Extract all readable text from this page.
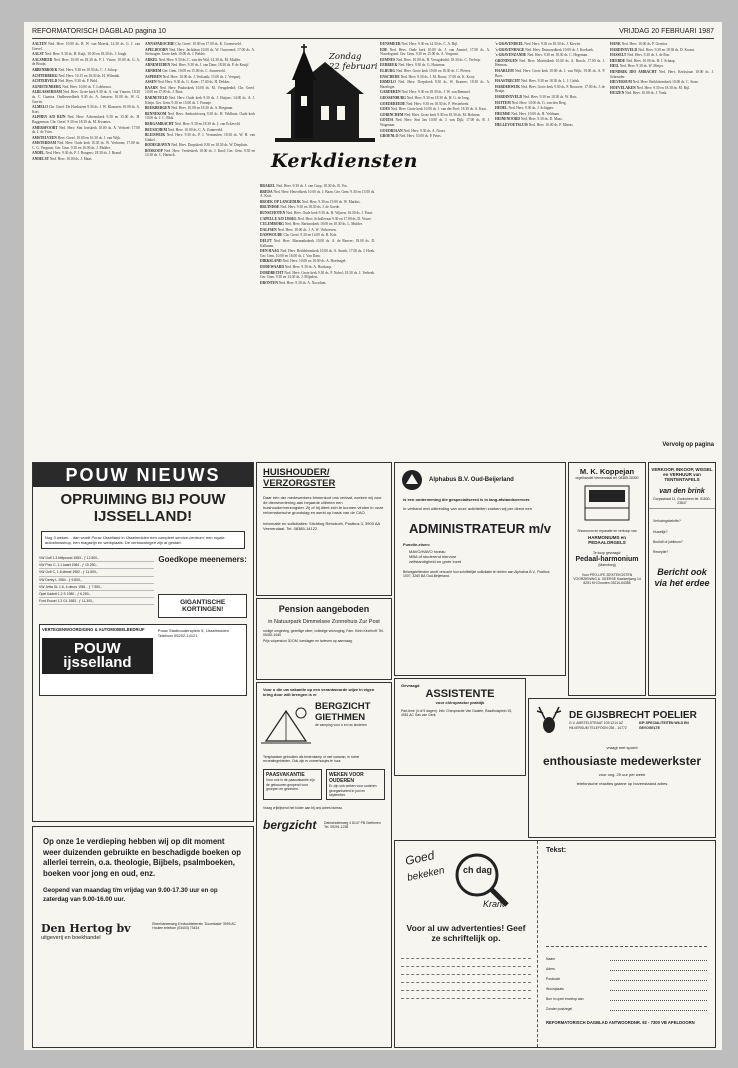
REFORMATORISCH DAGBLAD pagina 10	VRIJDAG 20 FEBRUARI 1987

AALTEN Ned. Herv. 10.00 ds. B. W. van Moerik, 14.30 ds. G. J. van Grevel.

AALST Ned. Herv. 9.30 ds. H. Kuijt; 10.00 en 18.30 ds. J. Jongh.

AALSMEER Ned. Herv. 10.00 en 18.30 ds. P. J. Visser; 10.00 ds. G. A. de Bruijn.

ABBENBROEK Ned. Herv. 9.30 en 18.30 ds. C. J. Schop.

ACHTERBERG Ned. Herv. 10.15 en 18.30 ds. H. Wilmink.

ACHTERVELD Ned. Herv. 9.30 ds. P. Beld.

AGNIETENBERG Ned. Herv. 10.00 ds. T. Lobbezoo.

ALBLASSERDAM Ned. Herv. Grote kerk 9.30 ds. A. van Vuuren; 18.30 ds. C. Gaastra. Oudheuvelkerk 9.30 ds. A. Janssen; 10.00 ds. W. G. Gerrits.

ALMELO Chr. Geref. De Hoeksteen 9.30 ds. J. W. Klaassen; 10.00 ds. A. Kort.

ALPHEN A/D RIJN Ned. Herv. Adventskerk 9.30 en 15.00 ds. H. Baggerman. Chr. Geref. 9.30 en 18.30 ds. M. Kwantes.

AMERSFOORT Ned. Herv. Sint Joriskerk 10.00 ds. A. Verhoef; 17.00 ds. J. de Vries.

AMSTELVEEN Herv. Geref. 10.00 en 16.30 ds. J. van Wijk.

AMSTERDAM Ned. Herv. Oude kerk 10.30 ds. W. Verboom; 17.00 ds. C. G. Vergunst. Ger. Gem. 9.30 en 16.00 ds. J. Mulder.

ANDEL Ned. Herv. 9.30 ds. P. J. Bongers; 18.30 ds. J. Brand.

ANDELST Ned. Herv. 10.00 ds. J. Maas.

ANNAPAROCHIE Chr. Geref. 10.00 en 17.00 ds. K. Groeneveld.

APELDOORN Ned. Herv. Jachtlaan 10.00 ds. W. Ouweneel; 17.00 ds. A. Stelwagen. Grote kerk 10.00 ds. J. Belder.

ARKEL Ned. Herv. 9.30 ds. C. van der Wal; 14.30 ds. M. Mulder.

ARNEMUIDEN Ned. Herv. 9.30 ds. J. van Dam; 18.30 ds. P. de Kruijf.

ARNHEM Ger. Gem. 10.00 en 15.00 ds. C. Sonneveld.

ASPEREN Ned. Herv. 10.00 ds. J. Verkaaik; 15.00 ds. J. Verspuij.

ASSEN Ned. Herv. 9.30 ds. G. Kater; 17.00 ds. H. Dekker.

BAARN Ned. Herv. Pauluskerk 10.00 ds. M. Vreugdenhil; Chr. Geref. 10.00 en 17.00 ds. J. Boot.

BARNEVELD Ned. Herv. Oude kerk 9.30 ds. J. Huijser; 14.00 ds. A. J. Kleijn. Ger. Gem. 9.30 en 15.00 ds. J. Fraanje.

BEEKBERGEN Ned. Herv. 10.00 en 18.30 ds. A. Bregman.

BENNEKOM Ned. Herv. Ambachtsweg 9.30 ds. H. Veldhuis; Oude kerk 10.00 ds. J. C. Blok.

BERGAMBACHT Ned. Herv. 9.30 en 18.30 ds. J. van Eckeveld.

BEUSICHEM Ned. Herv. 10.00 ds. C. A. Zonneveld.

BLEISWIJK Ned. Herv. 9.30 ds. P. J. Vermeulen; 18.30 ds. W. H. van Ginkel.

BODEGRAVEN Ned. Herv. Dorpskerk 9.30 en 18.30 ds. W. Diephuis.

BOSKOOP Ned. Herv. Vredeskerk 10.00 ds. J. Knol; Ger. Gem. 9.30 en 14.30 ds. C. Harinck.

Zondag
22 februari
Kerkdiensten

BRAKEL Ned. Herv. 9.30 ds. J. van Gorp; 18.30 ds. B. Vos.

BREDA Ned. Herv. Heuvelkerk 10.00 ds. J. Baan. Ger. Gem. 9.30 en 15.00 ds. A. Kort.

BROEK OP LANGEDIJK Ned. Herv. 9.30 en 19.00 ds. W. Markus.

BRUINISSE Ned. Herv. 9.30 en 18.30 ds. J. de Goede.

BUNSCHOTEN Ned. Herv. Oude kerk 9.30 ds. H. Wijnen; 16.30 ds. J. Poort.

CAPELLE A/D IJSSEL Ned. Herv. Schollevaar 9.30 en 17.00 ds. D. Visser.

CULEMBORG Ned. Herv. Barbarakerk 10.00 en 18.30 ds. L. Mulder.

DALFSEN Ned. Herv. 10.00 ds. J. A. W. Verhoeven.

DAMWOUDE Chr. Geref. 9.30 en 14.00 ds. B. Kok.

DELFT Ned. Herv. Maranathakerk 10.00 ds. A. de Reuver; 18.00 ds. D. Kalkman.

DEN HAAG Ned. Herv. Bethlehemkerk 10.00 ds. A. Snoek; 17.00 ds. J. Hoek. Ger. Gem. 10.00 en 16.00 ds. J. Van Dam.

DIRKSLAND Ned. Herv. 10.00 en 18.00 ds. A. Hoefnagel.

DODEWAARD Ned. Herv. 9.30 ds. A. Honkoop.

DORDRECHT Ned. Herv. Grote kerk 9.30 ds. P. Nobel; 18.30 ds. J. Verbeek. Ger. Gem. 9.30 en 14.30 ds. J. Mijnders.

DRONTEN Ned. Herv. 9.30 ds. A. Noordam.

DUNSMEER Ned. Herv. 9.30 en 14.30 ds. C. A. Bijl.

EDE Ned. Herv. Oude kerk 10.00 ds. J. van Amstel; 17.00 ds. A. Noordegraaf. Ger. Gem. 9.30 en 15.00 ds. A. Vergunst.

EEMNES Ned. Herv. 10.00 ds. H. Vreugdenhil; 18.30 ds. C. Verloop.

EERBEEK Ned. Herv. 9.30 ds. G. Huisman.

ELBURG Ned. Herv. Grote kerk 10.00 en 18.30 ds. C. Pieters.

ENSCHEDE Ned. Herv. 9.30 ds. J. M. Bouw; 17.00 ds. K. Kooy.

ERMELO Ned. Herv. Dorpskerk 9.30 ds. W. Kramer; 18.30 ds. A. Hazeleger.

GARDEREN Ned. Herv. 9.30 en 18.30 ds. J. W. van Bemmel.

GIESSENBURG Ned. Herv. 9.30 en 18.30 ds. H. G. de Jong.

GOEDEREEDE Ned. Herv. 9.30 en 18.30 ds. P. Westerbeek.

GOES Ned. Herv. Grote kerk 10.00 ds. J. van der Poel; 18.30 ds. A. Kaat.

GORINCHEM Ned. Herv. Grote kerk 9.30 en 18.30 ds. M. Hofman.

GOUDA Ned. Herv. Sint Jan 10.00 ds. J. van Dijk; 17.00 ds. B. J. Wagenaar.

GOUDRIAAN Ned. Herv. 9.30 ds. A. Noort.

GROENLO Ned. Herv. 10.00 ds. P. Prins.

's-GRAVENDEEL Ned. Herv. 9.30 en 18.30 ds. J. Kieviet.

's-GRAVENHAGE Ned. Herv. Duinoordkerk 10.00 ds. J. Koekoek.

's-GRAVENZANDE Ned. Herv. 9.30 en 18.30 ds. C. Hegeman.

GRONINGEN Ned. Herv. Martinikerk 10.00 ds. A. Bosch; 17.00 ds. J. Herman.

HAARLEM Ned. Herv. Grote kerk 10.00 ds. J. van Wijk; 19.00 ds. A. P. Boer.

HAASTRECHT Ned. Herv. 9.30 en 18.30 ds. L. J. Geluk.

HARDERWIJK Ned. Herv. Grote kerk 9.30 ds. P. Brouwer; 17.00 ds. J. de Bruijn.

HARDINXVELD Ned. Herv. 9.30 en 18.30 ds. W. Ruis.

HATTEM Ned. Herv. 10.00 ds. G. van den Berg.

HEDEL Ned. Herv. 9.30 ds. J. Schipper.

HEEMSE Ned. Herv. 10.00 ds. H. Veldman.

HEINENOORD Ned. Herv. 9.30 ds. D. Maas.

HELLEVOETSLUIS Ned. Herv. 10.00 ds. P. Mieras.

HANK Ned. Herv. 10.00 ds. P. Gerritse.

HARDINXVELD Ned. Herv. 9.30 en 18.30 ds. D. Kwant.

HASSELT Ned. Herv. 9.30 ds. J. de Roo.

HEERDE Ned. Herv. 10.00 ds. H. J. Schaap.

HEIL Ned. Herv. 9.30 ds. W. Meijer.

HENDRIK IDO AMBACHT Ned. Herv. Kerkstraat 10.00 ds. J. Schreuder.

HILVERSUM Ned. Herv. Bethlehemkerk 10.00 ds. C. Stam.

HOEVELAKEN Ned. Herv. 9.30 en 18.30 ds. M. Bijl.

HUIZEN Ned. Herv. 10.00 ds. J. Vonk.

Vervolg op pagina
POUW NIEUWS
OPRUIMING BIJ POUW IJSSELLAND!
Nog 3 weken... dan wordt Pouw IJsselland in IJsselmuiden een compleet service-centrum: een royale autoshowshop, een magazijn en werkplaats. De verbouwingen zijn al gestart.
VW Golf 1.3 kittywood 1983 - ƒ 12.500,-
VW Polo C, 1.1 kaart 1984 - ƒ 10.250,-
VW Golf C, 1.6 diesel 1982 - ƒ 11.500,-
VW Derby L 1984 - ƒ 9.800,-
VW Jetta GL 1.6, 4-deurs 1981 - ƒ 7.950,-
Opel Kadett 1.2 S 1980 - ƒ 6.250,-
Ford Escort 1.3 GL 1983 - ƒ 11.300,-
Goedkope meenemers:
GIGANTISCHE KORTINGEN!
VERTEGENWOORDIGING & AUTOMOBIELBEDRIJF
POUW ijsselland
Pouw Stadhoudersplein 5, IJsselmuiden Telefoon 05202-14121
Op onze 1e verdieping hebben wij op dit moment weer duizenden gebruikte en beschadigde boeken op allerlei terrein, o.a. theologie, Bijbels, psalmboeken, boeken voor jong en oud, enz.
Geopend van maandag t/m vrijdag van 9.00-17.30 uur en op zaterdag van 9.00-16.00 uur.
Den Hertog bv
uitgeverij en boekhandel
Ebenhaezerweg 6 Industrieterrein 'Doornkade' 3993 AC Houten telefoon (03403) 73434
HUISHOUDER/ VERZORGSTER
Daar één der medewerkers binnenkort ons verlaat, zoeken wij voor de dienstverlening aan bejaarde cliënten een huishouder/verzorgster. Zij of hij dient zich te kunnen vinden in onze reformatorische grondslag en werkt op basis van de CAO.
Informatie en sollicitaties: Stichting Rehoboth, Postbus 3, 3900 AA Veenendaal. Tel. 08385-14122
Pension aangeboden
in Natuurpark Dimmelsee Zonnehuis Zur Post
rustige omgeving, gezellige sfeer, volledige verzorging, Fam. Klein Kirchhoff. Tel. 05452-1640
Prijs volpension 30 DM, toeslagen en tarieven op aanvraag.
Voor u die uw vakantie op een verantwoorde wijze in eigen kring door wilt brengen is er
BERGZICHT GIETHMEN
de camping voor u en uw kinderen
Tentplaatsen gebruiken als tentenkamp of met caravan, in ruime recreatiegebieden. Ook zijn er zomerhuisjes te huur.
PAASVAKANTIE
Voor ook in de paasvakantie zijn de gebouwen geopend voor groepen en gezinnen.
WEKEN VOOR OUDEREN
Er zijn ook weken voor ouderen georganiseerd in juni en september.
Vraag vrijblijvend het folder aan bij ons adres bureau.
bergzicht	Dalmsholterweg 4 8147 PB Giethmen Tel. 05291-1238
Alphabus B.V. Oud-Beijerland
is een onderneming die gespecialiseerd is in lang-afstandsvervoer.
In verband met uitbreiding van onze activiteiten zoeken wij per direct een
ADMINISTRATEUR m/v
Functie-eisen:
MAVO/HAVO niveau
MBA of studerend hiervoor
zelfstandigheid en grote inzet
Belangstellenden wordt verzocht hun schriftelijke sollicitatie te richten aan Alphabus B.V., Postbus 1007, 3260 BA Oud-Beijerland.
M. K. Koppejan
orgelhandel Veenendaal tel. 08385-18300
Showroom en reparatie en verkoop van
HARMONIUMS en PEDAALORGELS
Te koop gevraagd:
Pedaal-harmonium
(Mannborg)
Voor PRO-LIFE ZIEKTEKOSTEN VOORZIENING A. GEERSE Kwekerijweg 14 8251 KH Dronten 03210-64356
VERKOOP, INKOOP, WISSEL en VERHUUR van TENTENTAFELS
van den brink
Dorpsstraat 11, Gorinchem tel. 01830-23847
Verlovingsbelofte?
Huwelijk?
Bruiloft of jubileum?
Receptie?
Bericht ook via het erdee
Gevraagd
ASSISTENTE
voor chiropractor praktijk
Part-time (4 of 5 dagen). Info: Chiropractie Van Gaalen, Raadhuisplein 15, 4551 AC Sas van Gent.	DE GIJSBRECHT POELIER
G.V. AMSTELSTRAAT 109 1214 AZ HILVERSUM TELEFOON 035 - 14772
KIP-SPECIALITEITEN WILD EN GEVOGELTE
vraagt met spoed
enthousiaste medewerkster
voor ong. 25 uur per week
telefonische reacties gaarne op bovenstaand adres
Goed
bekeken ch dag
Krant
Voor al uw advertenties! Geef ze schriftelijk op.
Tekst:
Naam
Adres
Postcode
Woonplaats
Bon in open envelop aan
Zonder postzegel
REFORMATORISCH DAGBLAD ANTWOORDNR. 92 - 7300 VB APELDOORN
